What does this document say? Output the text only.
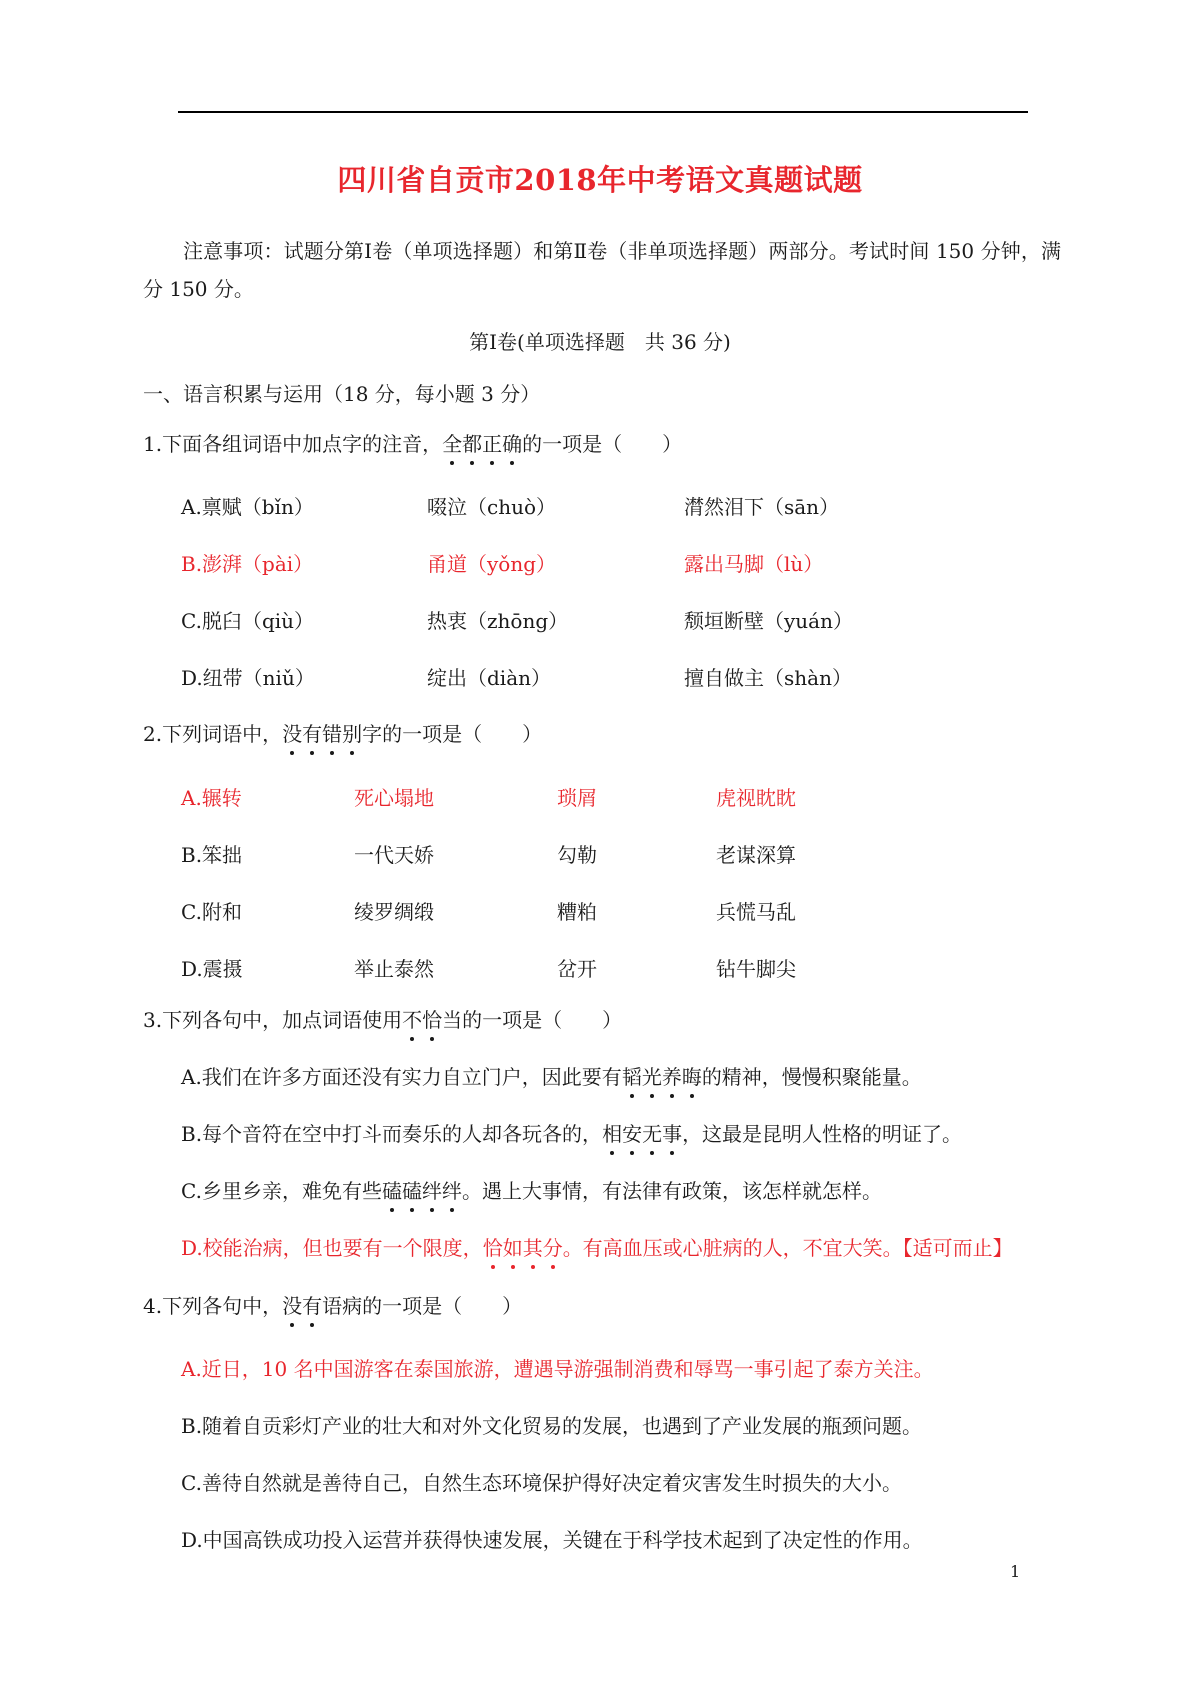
四川省自贡市2018年中考语文真题试题
注意事项：试题分第Ⅰ卷（单项选择题）和第Ⅱ卷（非单项选择题）两部分。考试时间 150 分钟，满分 150 分。
第Ⅰ卷(单项选择题　共 36 分)
一、语言积累与运用（18 分，每小题 3 分）
1.下面各组词语中加点字的注音，全都正确的一项是（　　）
A.禀赋（bǐn）	啜泣（chuò）	潸然泪下（sān）
B.澎湃（pài）	甬道（yǒng）	露出马脚（lù）
C.脱臼（qiù）	热衷（zhōng）	颓垣断壁（yuán）
D.纽带（niǔ）	绽出（diàn）	擅自做主（shàn）
2.下列词语中，没有错别字的一项是（　　）
A.辗转	死心塌地	琐屑	虎视眈眈
B.笨拙	一代天娇	勾勒	老谋深算
C.附和	绫罗绸缎	糟粕	兵慌马乱
D.震摄	举止泰然	岔开	钻牛脚尖
3.下列各句中，加点词语使用不恰当的一项是（　　）
A.我们在许多方面还没有实力自立门户，因此要有韬光养晦的精神，慢慢积聚能量。
B.每个音符在空中打斗而奏乐的人却各玩各的，相安无事，这最是昆明人性格的明证了。
C.乡里乡亲，难免有些磕磕绊绊。遇上大事情，有法律有政策，该怎样就怎样。
D.校能治病，但也要有一个限度，恰如其分。有高血压或心脏病的人，不宜大笑。【适可而止】
4.下列各句中，没有语病的一项是（　　）
A.近日，10 名中国游客在泰国旅游，遭遇导游强制消费和辱骂一事引起了泰方关注。
B.随着自贡彩灯产业的壮大和对外文化贸易的发展，也遇到了产业发展的瓶颈问题。
C.善待自然就是善待自己，自然生态环境保护得好决定着灾害发生时损失的大小。
D.中国高铁成功投入运营并获得快速发展，关键在于科学技术起到了决定性的作用。
1
